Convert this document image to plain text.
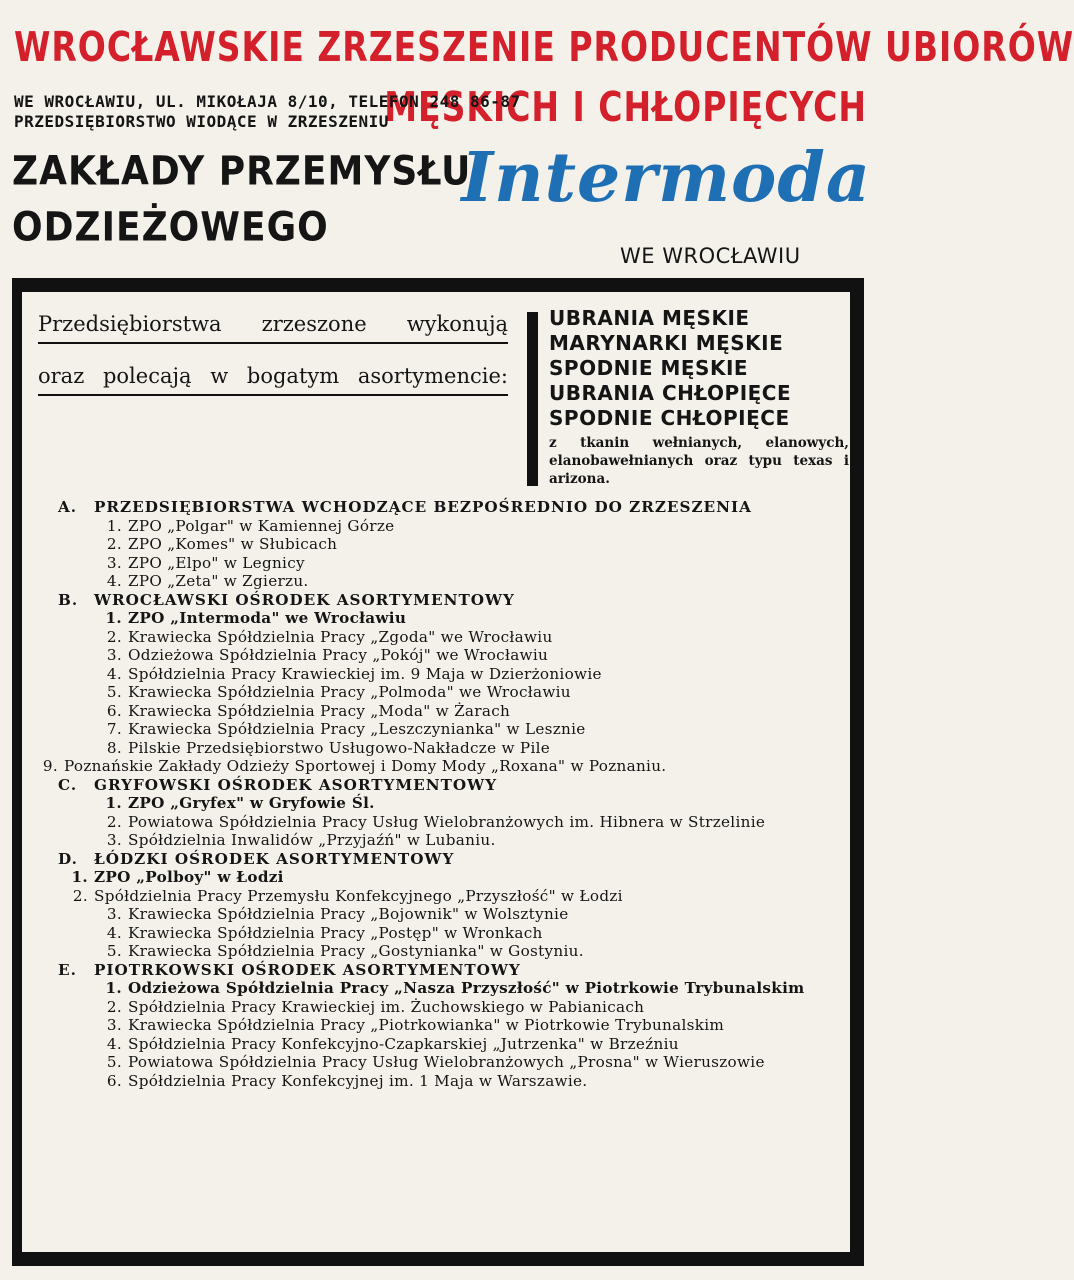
WROCŁAWSKIE ZRZESZENIE PRODUCENTÓW UBIORÓW
MĘSKICH I CHŁOPIĘCYCH
WE WROCŁAWIU, UL. MIKOŁAJA 8/10, TELEFON 248 86-87
PRZEDSIĘBIORSTWO WIODĄCE W ZRZESZENIU
ZAKŁADY PRZEMYSŁU
ODZIEŻOWEGO
Intermoda
WE WROCŁAWIU
Przedsiębiorstwa zrzeszone wykonują
oraz polecają w bogatym asortymencie:
UBRANIA MĘSKIE
MARYNARKI MĘSKIE
SPODNIE MĘSKIE
UBRANIA CHŁOPIĘCE
SPODNIE CHŁOPIĘCE
z tkanin wełnianych, elanowych, elanobawełnianych oraz typu texas i arizona.
A.	PRZEDSIĘBIORSTWA WCHODZĄCE BEZPOŚREDNIO DO ZRZESZENIA
1. ZPO „Polgar" w Kamiennej Górze
2. ZPO „Komes" w Słubicach
3. ZPO „Elpo" w Legnicy
4. ZPO „Zeta" w Zgierzu.
B.	WROCŁAWSKI OŚRODEK ASORTYMENTOWY
1. ZPO „Intermoda" we Wrocławiu
2. Krawiecka Spółdzielnia Pracy „Zgoda" we Wrocławiu
3. Odzieżowa Spółdzielnia Pracy „Pokój" we Wrocławiu
4. Spółdzielnia Pracy Krawieckiej im. 9 Maja w Dzierżoniowie
5. Krawiecka Spółdzielnia Pracy „Polmoda" we Wrocławiu
6. Krawiecka Spółdzielnia Pracy „Moda" w Żarach
7. Krawiecka Spółdzielnia Pracy „Leszczynianka" w Lesznie
8. Pilskie Przedsiębiorstwo Usługowo-Nakładcze w Pile
9. Poznańskie Zakłady Odzieży Sportowej i Domy Mody „Roxana" w Poznaniu.
C.	GRYFOWSKI OŚRODEK ASORTYMENTOWY
1. ZPO „Gryfex" w Gryfowie Śl.
2. Powiatowa Spółdzielnia Pracy Usług Wielobranżowych im. Hibnera w Strzelinie
3. Spółdzielnia Inwalidów „Przyjaźń" w Lubaniu.
D.	ŁÓDZKI OŚRODEK ASORTYMENTOWY
1. ZPO „Polboy" w Łodzi
2. Spółdzielnia Pracy Przemysłu Konfekcyjnego „Przyszłość" w Łodzi
3. Krawiecka Spółdzielnia Pracy „Bojownik" w Wolsztynie
4. Krawiecka Spółdzielnia Pracy „Postęp" w Wronkach
5. Krawiecka Spółdzielnia Pracy „Gostynianka" w Gostyniu.
E.	PIOTRKOWSKI OŚRODEK ASORTYMENTOWY
1. Odzieżowa Spółdzielnia Pracy „Nasza Przyszłość" w Piotrkowie Trybunalskim
2. Spółdzielnia Pracy Krawieckiej im. Żuchowskiego w Pabianicach
3. Krawiecka Spółdzielnia Pracy „Piotrkowianka" w Piotrkowie Trybunalskim
4. Spółdzielnia Pracy Konfekcyjno-Czapkarskiej „Jutrzenka" w Brzeźniu
5. Powiatowa Spółdzielnia Pracy Usług Wielobranżowych „Prosna" w Wieruszowie
6. Spółdzielnia Pracy Konfekcyjnej im. 1 Maja w Warszawie.
